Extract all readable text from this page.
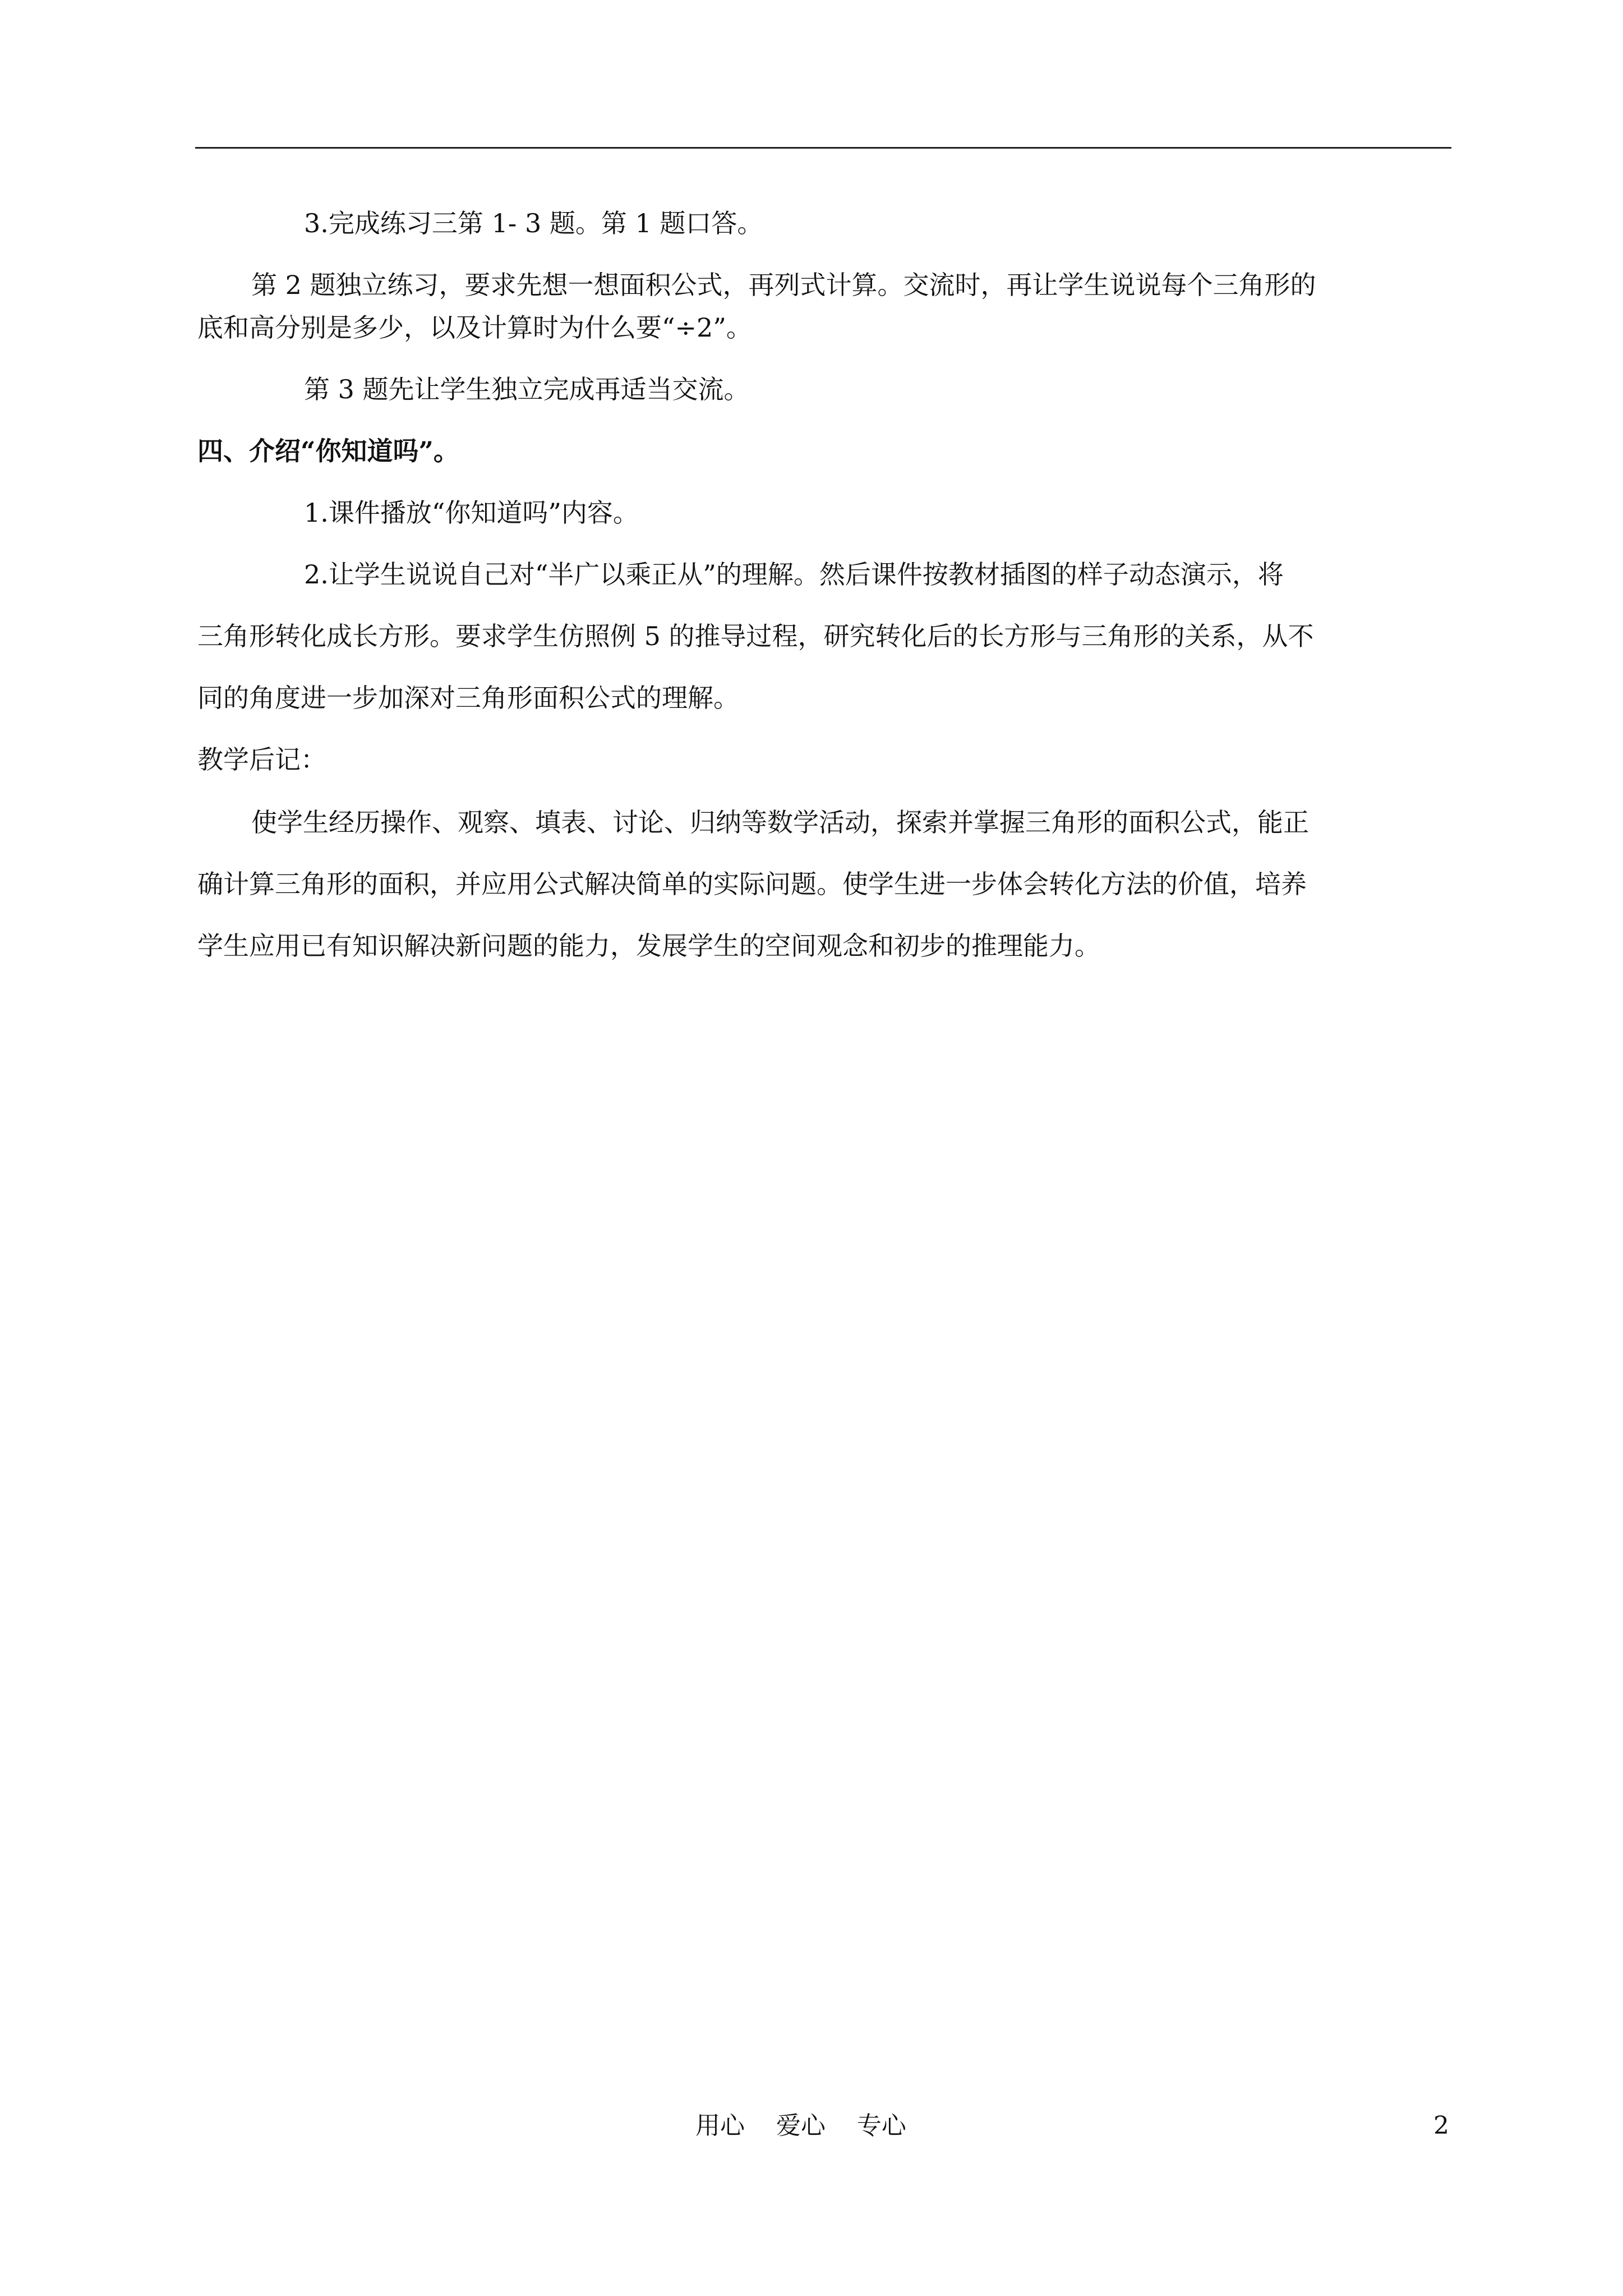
3.完成练习三第 1- 3 题。第 1 题口答。

第 2 题独立练习，要求先想一想面积公式，再列式计算。交流时，再让学生说说每个三角形的

底和高分别是多少，以及计算时为什么要“÷2”。

第 3 题先让学生独立完成再适当交流。

四、介绍“你知道吗”。

1.课件播放“你知道吗”内容。

2.让学生说说自己对“半广以乘正从”的理解。然后课件按教材插图的样子动态演示，将

三角形转化成长方形。要求学生仿照例 5 的推导过程，研究转化后的长方形与三角形的关系，从不

同的角度进一步加深对三角形面积公式的理解。

教学后记：

使学生经历操作、观察、填表、讨论、归纳等数学活动，探索并掌握三角形的面积公式，能正

确计算三角形的面积，并应用公式解决简单的实际问题。使学生进一步体会转化方法的价值，培养

学生应用已有知识解决新问题的能力，发展学生的空间观念和初步的推理能力。

用心    爱心    专心	2
